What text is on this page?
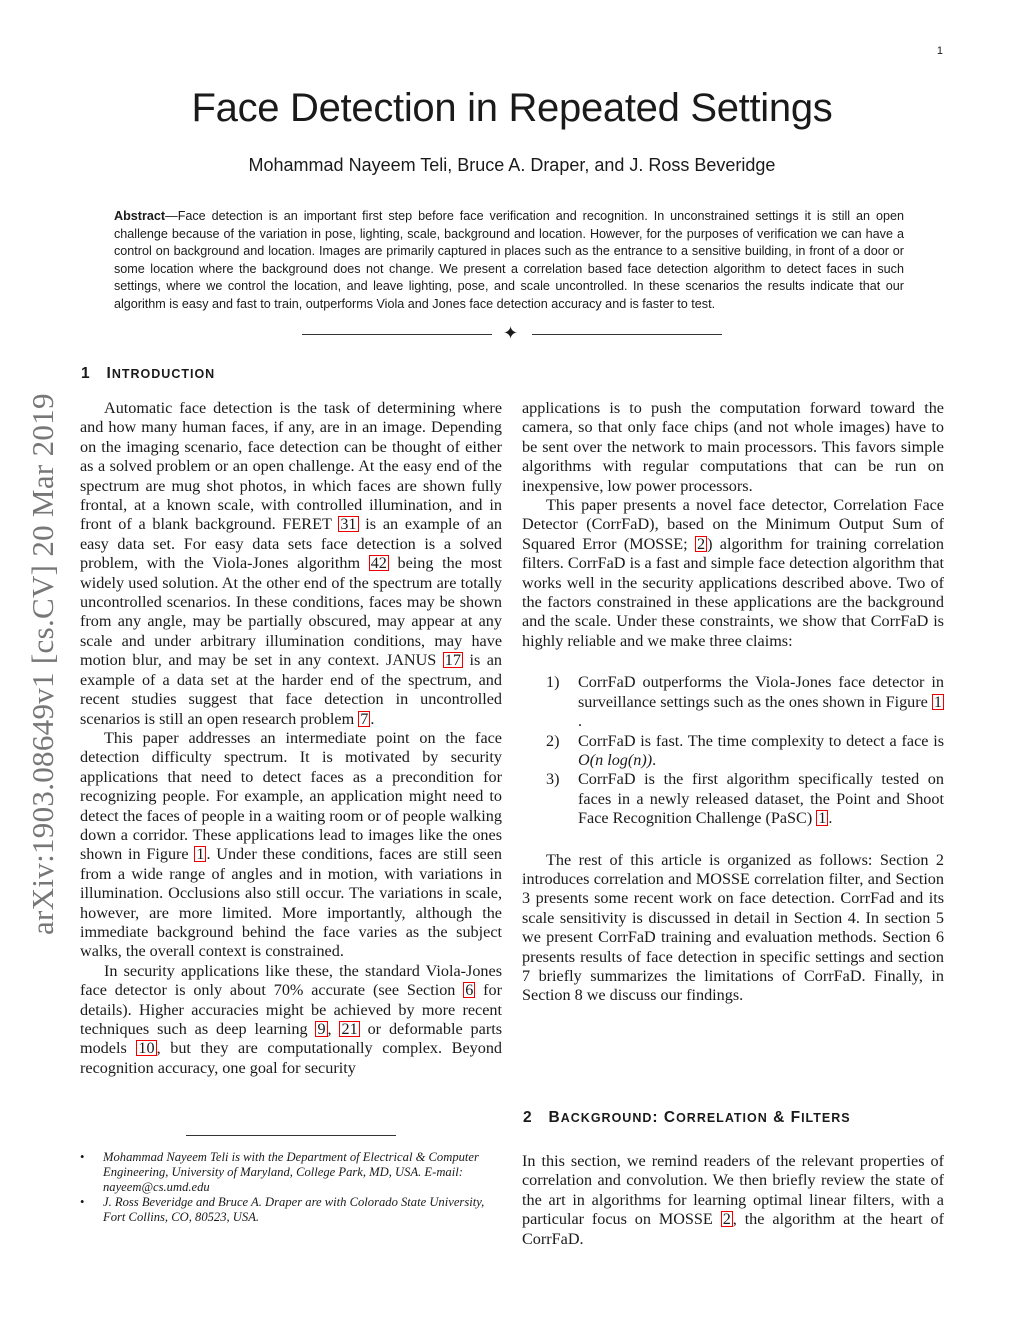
1
Face Detection in Repeated Settings
Mohammad Nayeem Teli, Bruce A. Draper, and J. Ross Beveridge
Abstract—Face detection is an important first step before face verification and recognition. In unconstrained settings it is still an open challenge because of the variation in pose, lighting, scale, background and location. However, for the purposes of verification we can have a control on background and location. Images are primarily captured in places such as the entrance to a sensitive building, in front of a door or some location where the background does not change. We present a correlation based face detection algorithm to detect faces in such settings, where we control the location, and leave lighting, pose, and scale uncontrolled. In these scenarios the results indicate that our algorithm is easy and fast to train, outperforms Viola and Jones face detection accuracy and is faster to test.
✦
arXiv:1903.08649v1 [cs.CV] 20 Mar 2019
1 INTRODUCTION

Automatic face detection is the task of determining where and how many human faces, if any, are in an image. Depending on the imaging scenario, face detection can be thought of either as a solved problem or an open challenge. At the easy end of the spectrum are mug shot photos, in which faces are shown fully frontal, at a known scale, with controlled illumination, and in front of a blank background. FERET 31 is an example of an easy data set. For easy data sets face detection is a solved problem, with the Viola-Jones algorithm 42 being the most widely used solution. At the other end of the spectrum are totally uncontrolled scenarios. In these conditions, faces may be shown from any angle, may be partially obscured, may appear at any scale and under arbitrary illumination conditions, may have motion blur, and may be set in any context. JANUS 17 is an example of a data set at the harder end of the spectrum, and recent studies suggest that face detection in uncontrolled scenarios is still an open research problem 7 .

This paper addresses an intermediate point on the face detection difficulty spectrum. It is motivated by security applications that need to detect faces as a precondition for recognizing people. For example, an application might need to detect the faces of people in a waiting room or of people walking down a corridor. These applications lead to images like the ones shown in Figure 1 . Under these conditions, faces are still seen from a wide range of angles and in motion, with variations in illumination. Occlusions also still occur. The variations in scale, however, are more limited. More importantly, although the immediate background behind the face varies as the subject walks, the overall context is constrained.

In security applications like these, the standard Viola-Jones face detector is only about 70% accurate (see Section 6 for details). Higher accuracies might be achieved by more recent techniques such as deep learning 9 , 21 or deformable parts models 10 , but they are computationally complex. Beyond recognition accuracy, one goal for security

• Mohammad Nayeem Teli is with the Department of Electrical & Computer Engineering, University of Maryland, College Park, MD, USA. E-mail: nayeem@cs.umd.edu
• J. Ross Beveridge and Bruce A. Draper are with Colorado State University, Fort Collins, CO, 80523, USA.

applications is to push the computation forward toward the camera, so that only face chips (and not whole images) have to be sent over the network to main processors. This favors simple algorithms with regular computations that can be run on inexpensive, low power processors.

This paper presents a novel face detector, Correlation Face Detector (CorrFaD), based on the Minimum Output Sum of Squared Error (MOSSE; 2 ) algorithm for training correlation filters. CorrFaD is a fast and simple face detection algorithm that works well in the security applications described above. Two of the factors constrained in these applications are the background and the scale. Under these constraints, we show that CorrFaD is highly reliable and we make three claims:

1) CorrFaD outperforms the Viola-Jones face detector in surveillance settings such as the ones shown in Figure 1.
2) CorrFaD is fast. The time complexity to detect a face is O(n log(n)).
3) CorrFaD is the first algorithm specifically tested on faces in a newly released dataset, the Point and Shoot Face Recognition Challenge (PaSC) 1 .

The rest of this article is organized as follows: Section 2 introduces correlation and MOSSE correlation filter, and Section 3 presents some recent work on face detection. CorrFad and its scale sensitivity is discussed in detail in Section 4. In section 5 we present CorrFaD training and evaluation methods. Section 6 presents results of face detection in specific settings and section 7 briefly summarizes the limitations of CorrFaD. Finally, in Section 8 we discuss our findings.

2 BACKGROUND: CORRELATION & FILTERS

In this section, we remind readers of the relevant properties of correlation and convolution. We then briefly review the state of the art in algorithms for learning optimal linear filters, with a particular focus on MOSSE 2 , the algorithm at the heart of CorrFaD.
